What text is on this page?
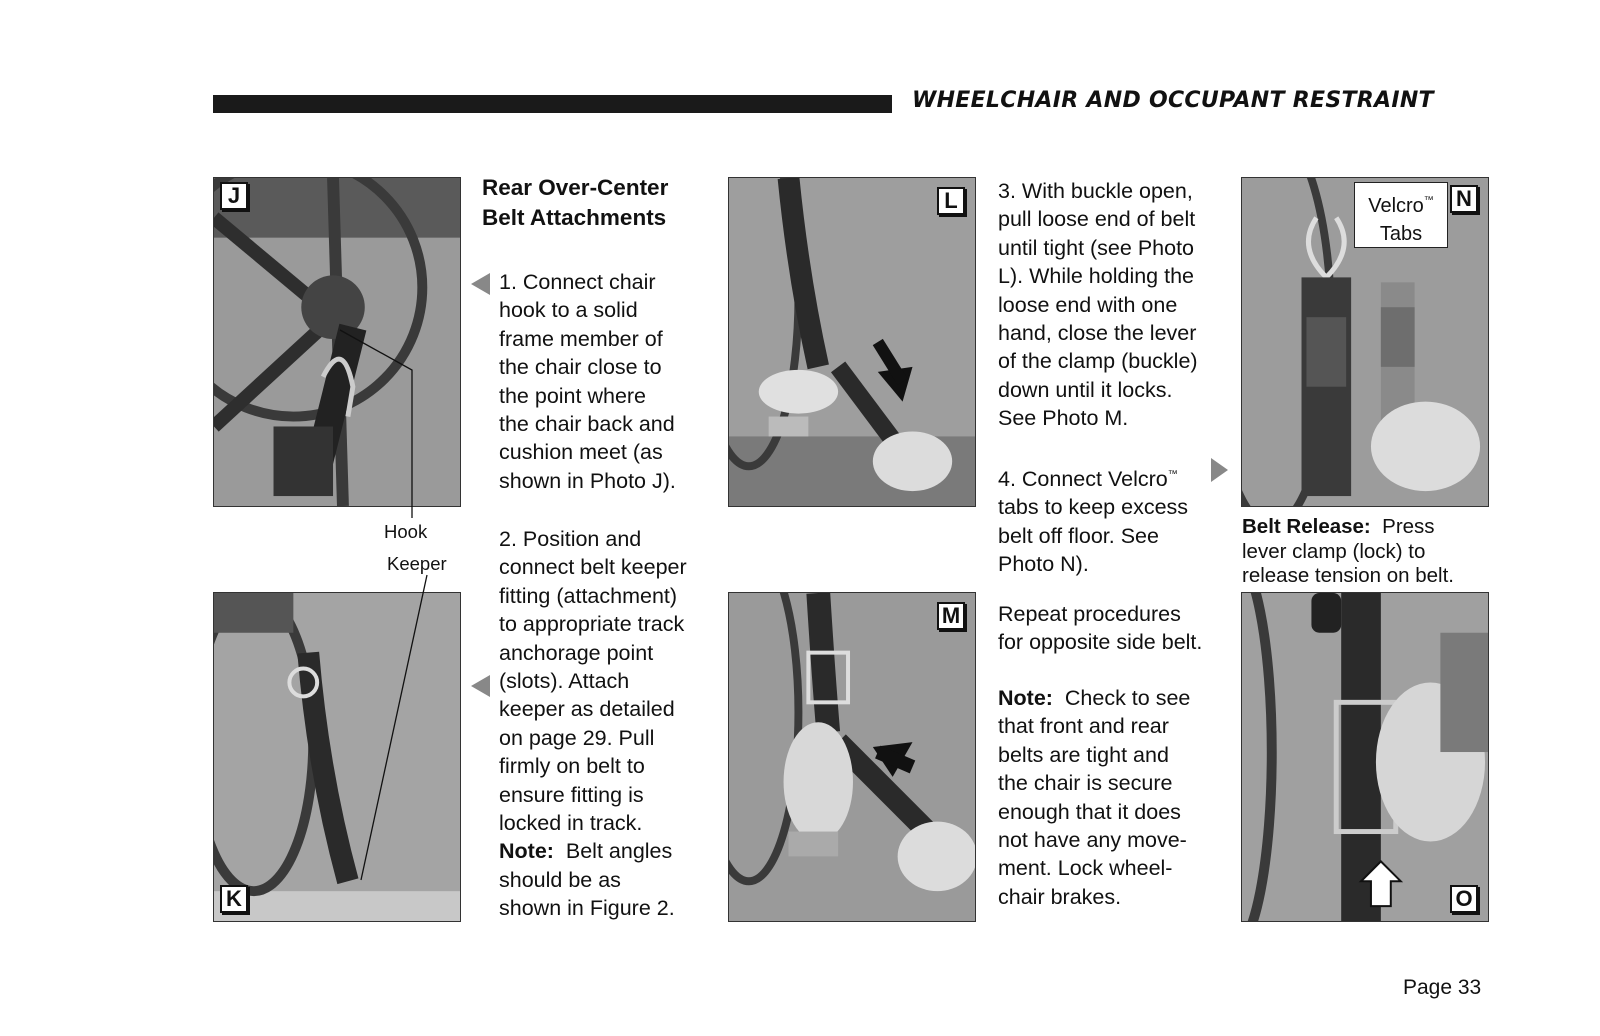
WHEELCHAIR AND OCCUPANT RESTRAINT
J
K
Hook
Keeper

Rear Over-Center

Belt Attachments

1. Connect chair

hook to a solid

frame member of

the chair close to

the point where

the chair back and

cushion meet (as

shown in Photo J).

2. Position and

connect belt keeper

fitting (attachment)

to appropriate track

anchorage point

(slots). Attach

keeper as detailed

on page 29. Pull

firmly on belt to

ensure fitting is

locked in track.

Note:  Belt angles

should be as

shown in Figure 2.

L
M

3. With buckle open,

pull loose end of belt

until tight (see Photo

L). While holding the

loose end with one

hand, close the lever

of the clamp (buckle)

down until it locks.

See Photo M.

4. Connect Velcro™

tabs to keep excess

belt off floor. See

Photo N).

Repeat procedures

for opposite side belt.

Note:  Check to see

that front and rear

belts are tight and

the chair is secure

enough that it does

not have any move-

ment. Lock wheel-

chair brakes.

N
Velcro™
Tabs

Belt Release:  Press

lever clamp (lock) to

release tension on belt.

O
Page 33
